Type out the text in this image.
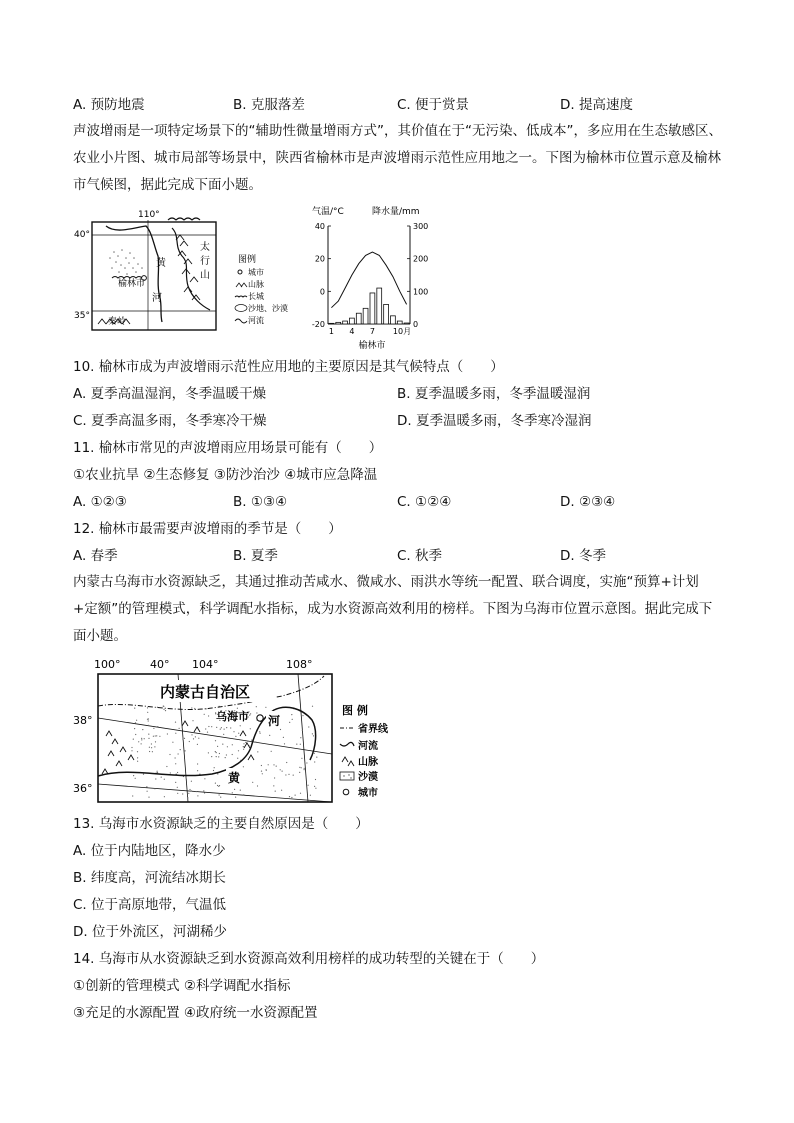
A. 预防地震	B. 克服落差	C. 便于赏景	D. 提高速度
声波增雨是一项特定场景下的“辅助性微量增雨方式”，其价值在于“无污染、低成本”，多应用在生态敏感区、农业小片图、城市局部等场景中，陕西省榆林市是声波增雨示范性应用地之一。下图为榆林市位置示意及榆林市气候图，据此完成下面小题。
110°
40°
35°
秦岭
榆林市
黄
河
太
行
山
图例
城市
山脉
长城
沙地、沙漠
河流
气温/°C	降水量/mm
40
20
0
-20
300
200
100
0
1 4 7 10月
榆林市
10. 榆林市成为声波增雨示范性应用地的主要原因是其气候特点（　　）
A. 夏季高温湿润，冬季温暖干燥	B. 夏季温暖多雨，冬季温暖湿润
C. 夏季高温多雨，冬季寒冷干燥	D. 夏季温暖多雨，冬季寒冷湿润
11. 榆林市常见的声波增雨应用场景可能有（　　）
①农业抗旱 ②生态修复 ③防沙治沙 ④城市应急降温
A. ①②③	B. ①③④	C. ①②④	D. ②③④
12. 榆林市最需要声波增雨的季节是（　　）
A. 春季	B. 夏季	C. 秋季	D. 冬季
内蒙古乌海市水资源缺乏，其通过推动苦咸水、微咸水、雨洪水等统一配置、联合调度，实施“预算+计划+定额”的管理模式，科学调配水指标，成为水资源高效利用的榜样。下图为乌海市位置示意图。据此完成下面小题。
100°	40° 104°	108°
38°
36°
内蒙古自治区
乌海市 河
黄
图 例
省界线
河流
山脉
沙漠
城市
13. 乌海市水资源缺乏的主要自然原因是（　　）
A. 位于内陆地区，降水少
B. 纬度高，河流结冰期长
C. 位于高原地带，气温低
D. 位于外流区，河湖稀少
14. 乌海市从水资源缺乏到水资源高效利用榜样的成功转型的关键在于（　　）
①创新的管理模式 ②科学调配水指标
③充足的水源配置 ④政府统一水资源配置
